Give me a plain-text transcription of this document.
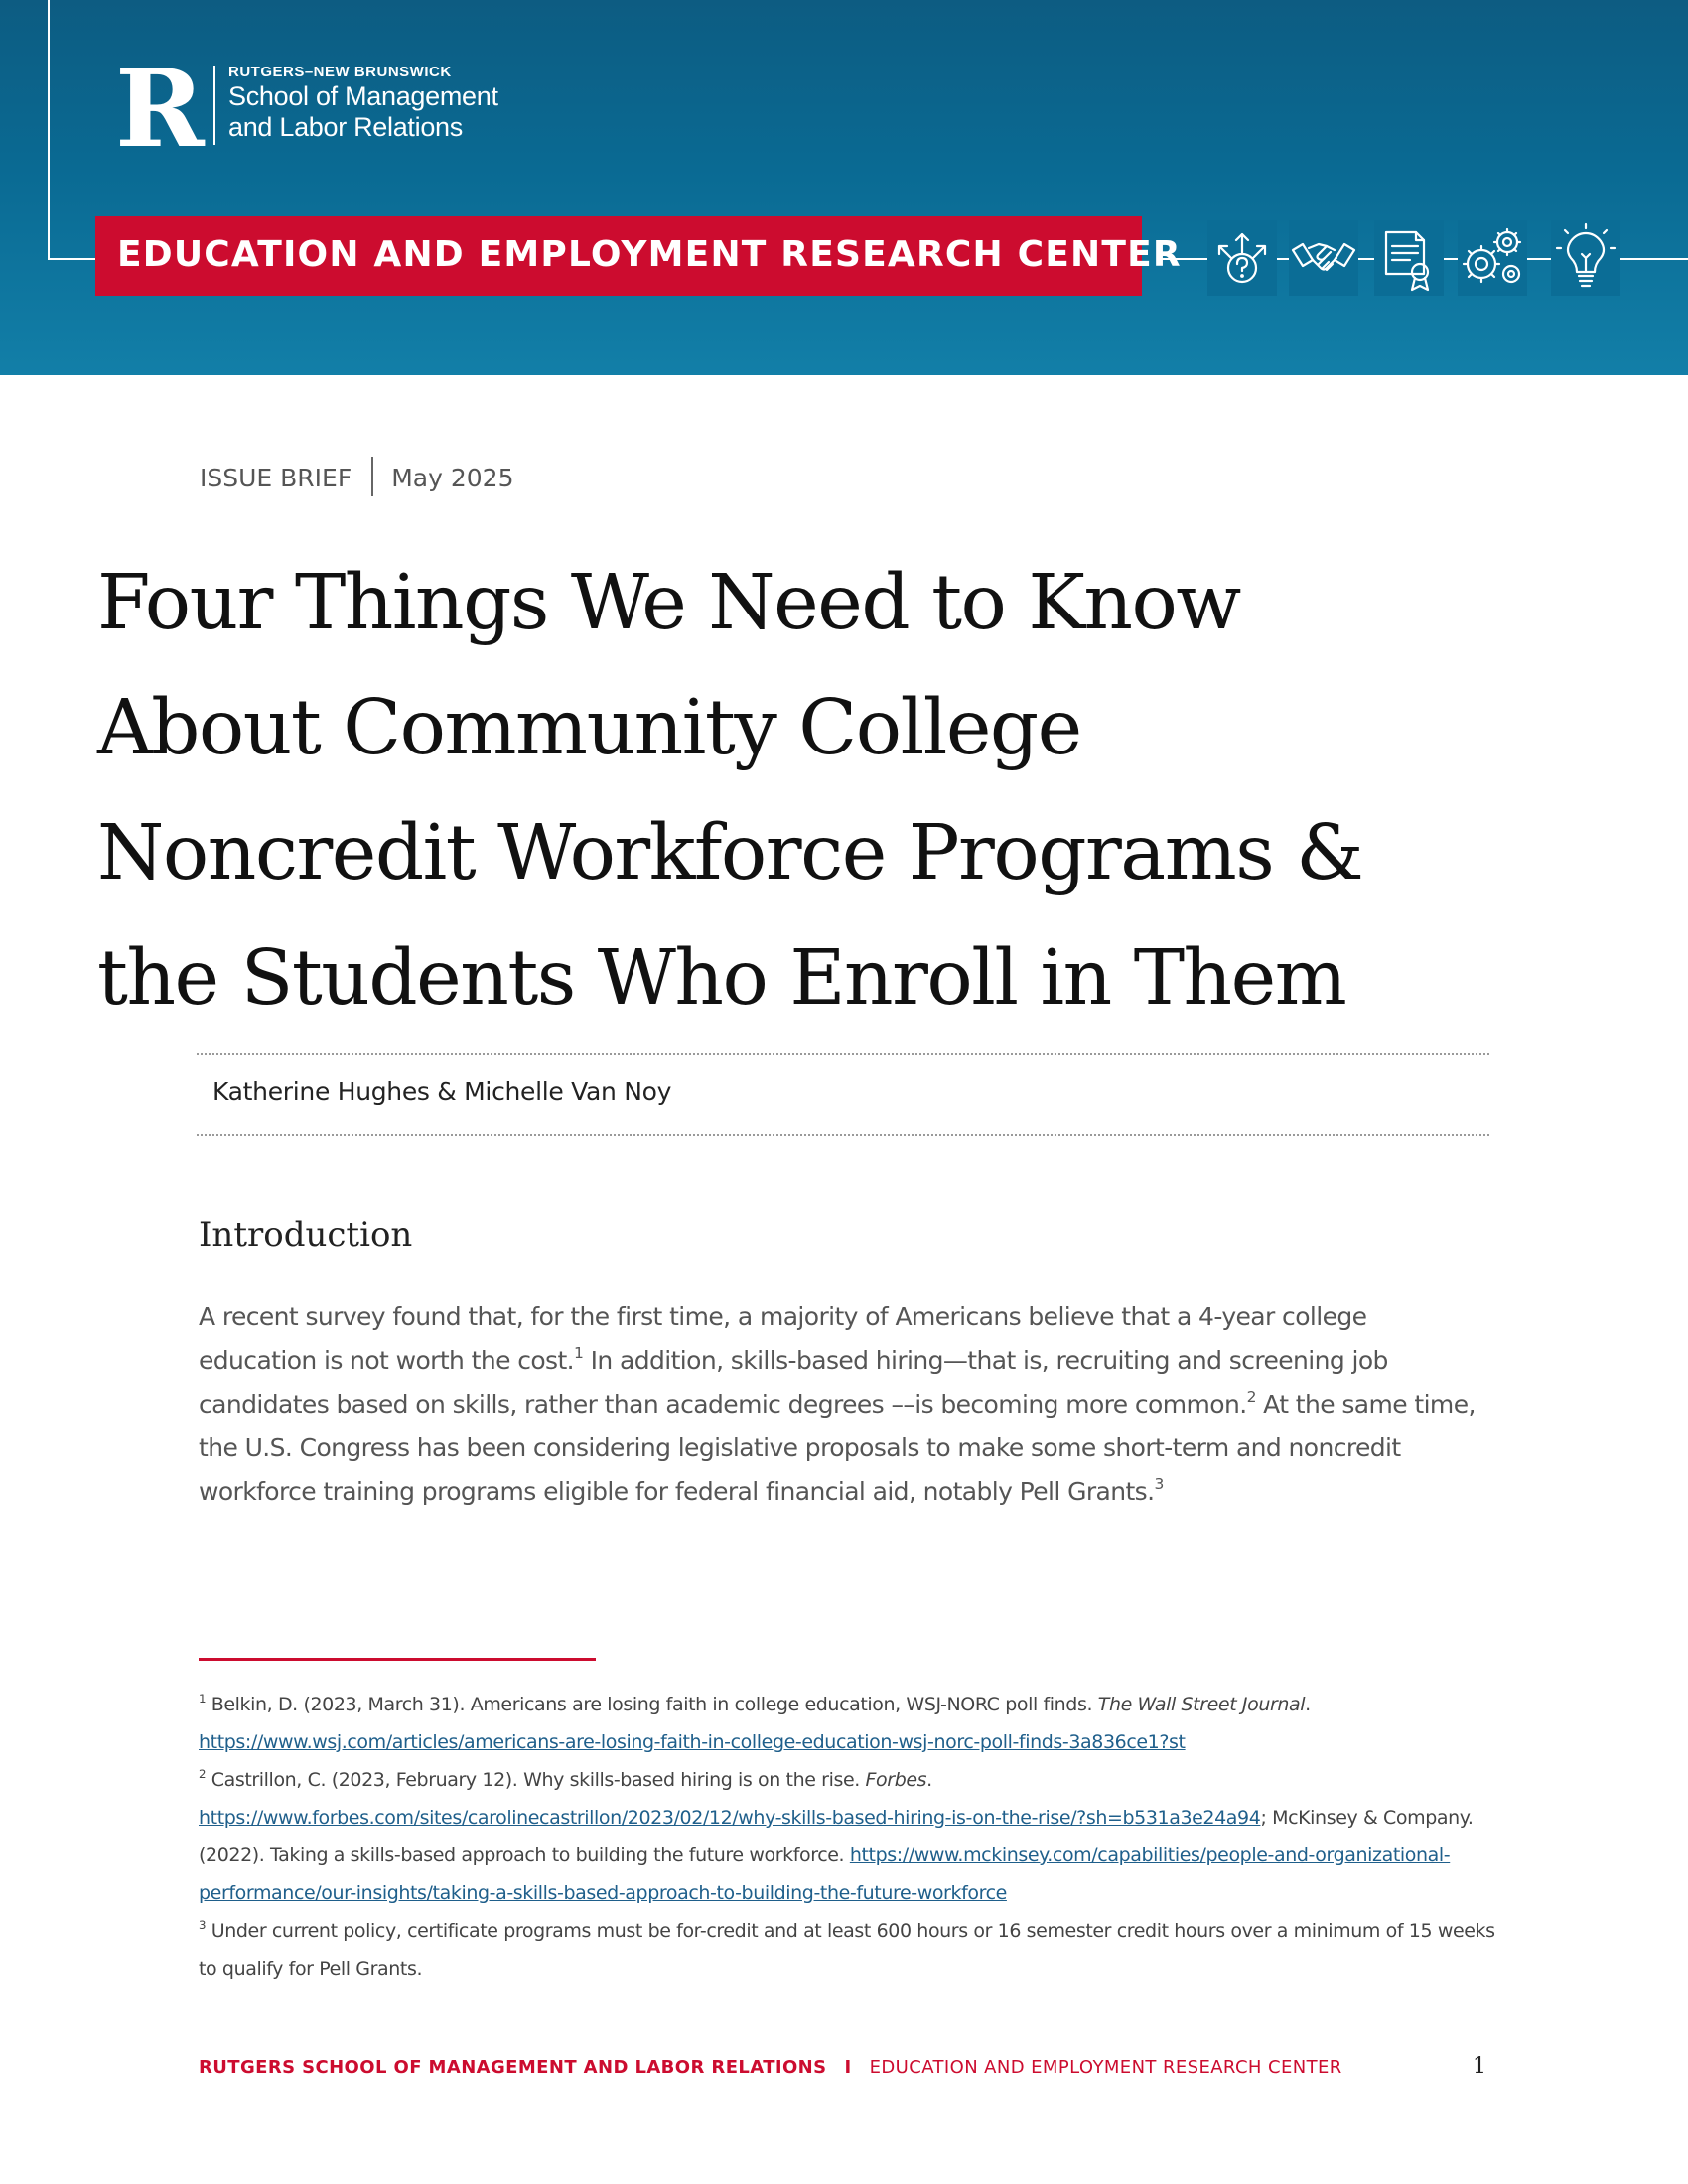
R RUTGERS–NEW BRUNSWICK
School of Management
and Labor Relations
EDUCATION AND EMPLOYMENT RESEARCH CENTER
ISSUE BRIEF May 2025
Four Things We Need to Know
About Community College
Noncredit Workforce Programs &
the Students Who Enroll in Them
Katherine Hughes & Michelle Van Noy
Introduction
A recent survey found that, for the first time, a majority of Americans believe that a 4-year college education is not worth the cost.$^1$ In addition, skills-based hiring—that is, recruiting and screening job candidates based on skills, rather than academic degrees ––is becoming more common.$^2$ At the same time, the U.S. Congress has been considering legislative proposals to make some short-term and noncredit workforce training programs eligible for federal financial aid, notably Pell Grants.$^3$
$^1$ Belkin, D. (2023, March 31). Americans are losing faith in college education, WSJ-NORC poll finds. The Wall Street Journal.
https://www.wsj.com/articles/americans-are-losing-faith-in-college-education-wsj-norc-poll-finds-3a836ce1?st
$^2$ Castrillon, C. (2023, February 12). Why skills-based hiring is on the rise. Forbes.
https://www.forbes.com/sites/carolinecastrillon/2023/02/12/why-skills-based-hiring-is-on-the-rise/?sh=b531a3e24a94; McKinsey & Company. (2022). Taking a skills-based approach to building the future workforce. https://www.mckinsey.com/capabilities/people-and-organizational-performance/our-insights/taking-a-skills-based-approach-to-building-the-future-workforce
$^3$ Under current policy, certificate programs must be for-credit and at least 600 hours or 16 semester credit hours over a minimum of 15 weeks to qualify for Pell Grants.
RUTGERS SCHOOL OF MANAGEMENT AND LABOR RELATIONS I EDUCATION AND EMPLOYMENT RESEARCH CENTER	1
